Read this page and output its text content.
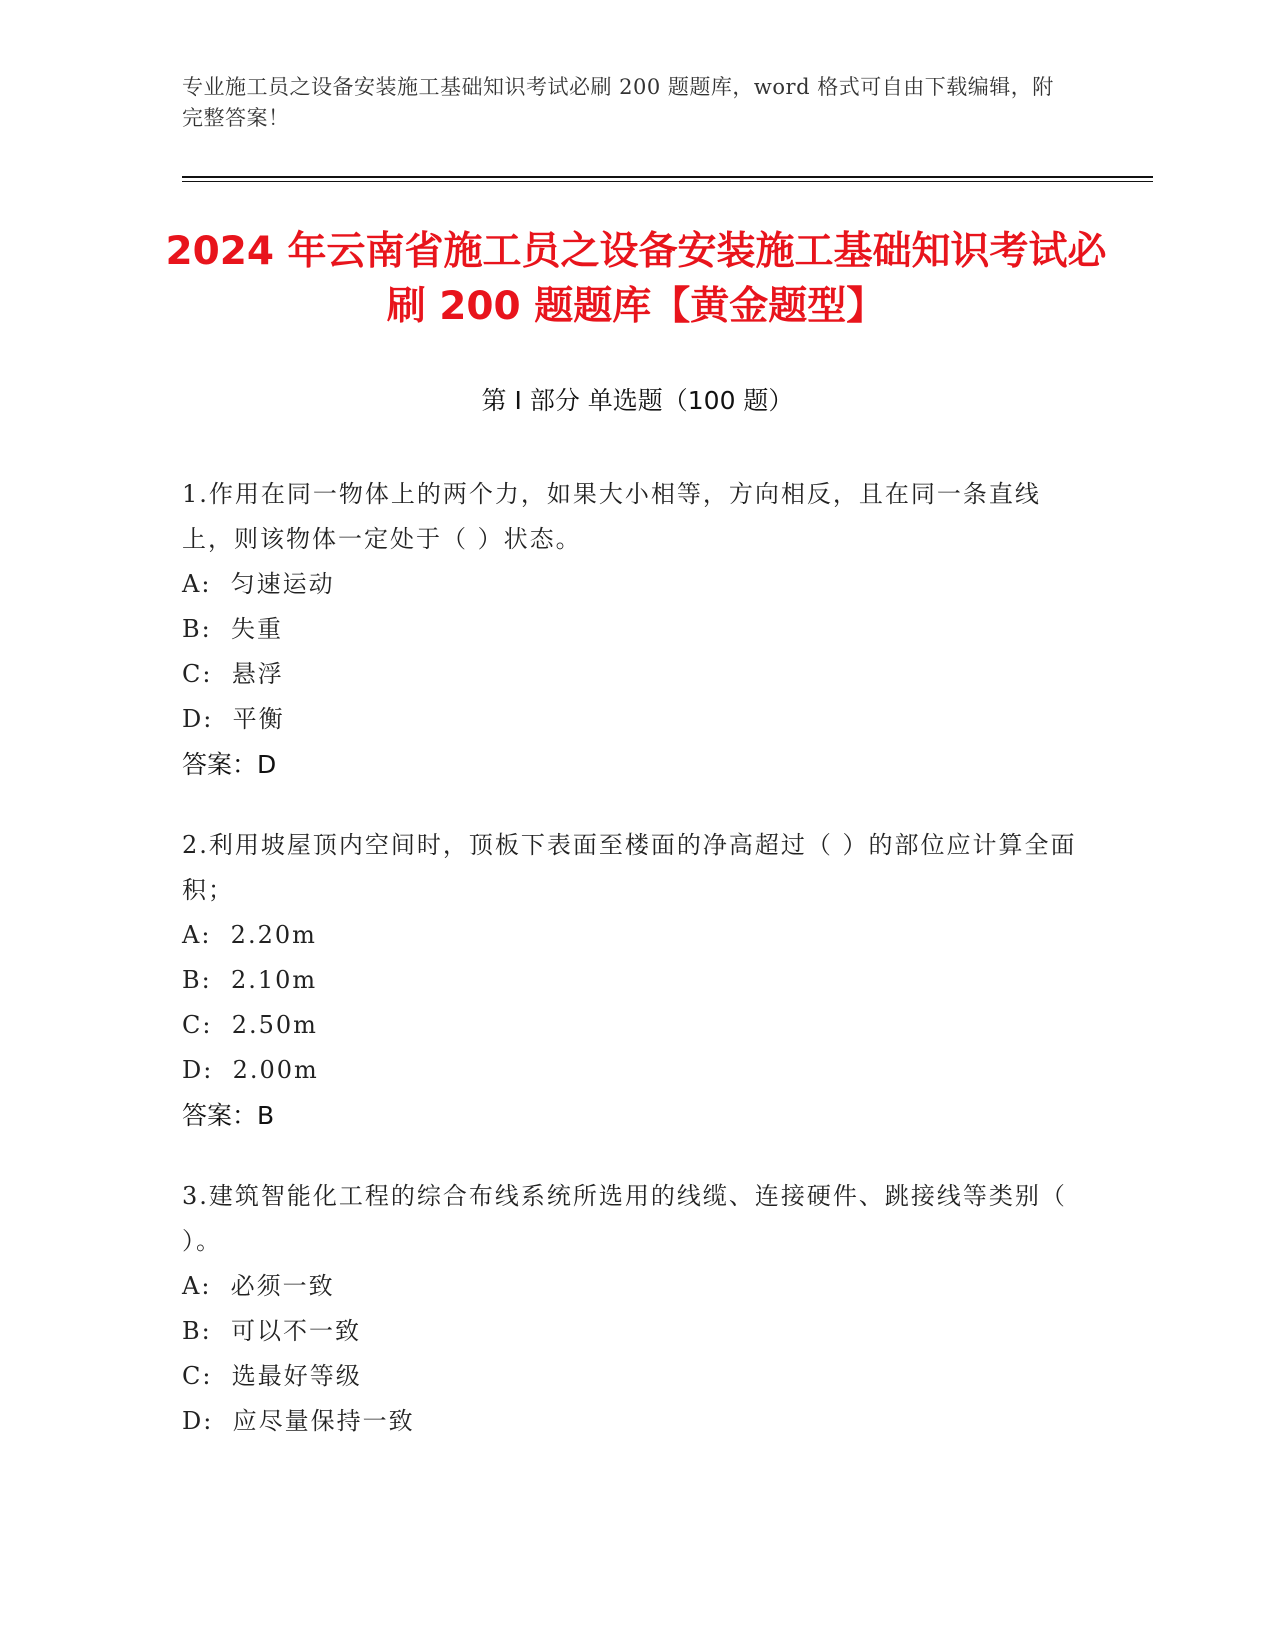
专业施工员之设备安装施工基础知识考试必刷 200 题题库，word 格式可自由下载编辑，附完整答案！
2024 年云南省施工员之设备安装施工基础知识考试必刷 200 题题库【黄金题型】
第 I 部分 单选题（100 题）

1.作用在同一物体上的两个力，如果大小相等，方向相反，且在同一条直线上，则该物体一定处于（ ）状态。

A:  匀速运动
B:  失重
C:  悬浮
D:  平衡
答案：D

2.利用坡屋顶内空间时，顶板下表面至楼面的净高超过（ ）的部位应计算全面积；

A:  2.20m
B:  2.10m
C:  2.50m
D:  2.00m
答案：B

3.建筑智能化工程的综合布线系统所选用的线缆、连接硬件、跳接线等类别（ ）。

A:  必须一致
B:  可以不一致
C:  选最好等级
D:  应尽量保持一致
